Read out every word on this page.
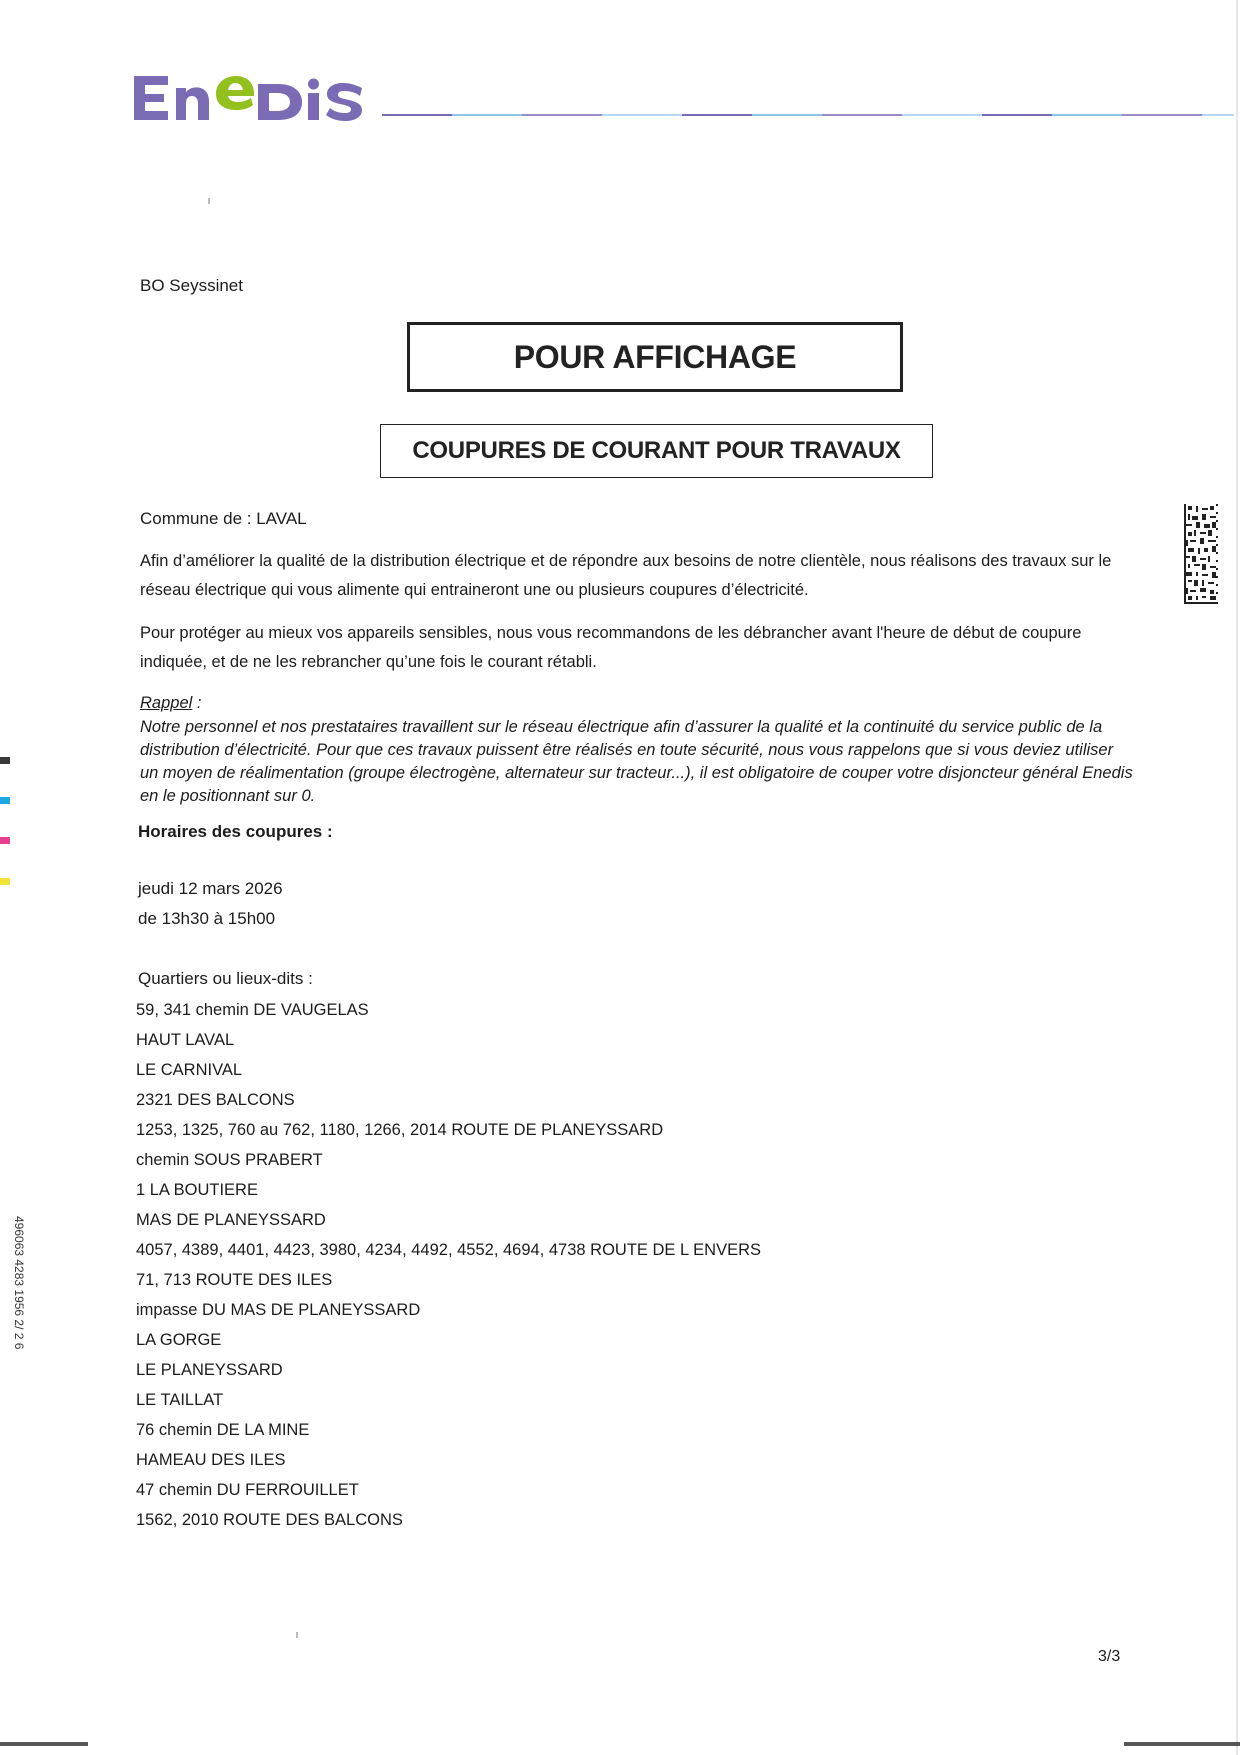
BO Seyssinet
POUR AFFICHAGE
COUPURES DE COURANT POUR TRAVAUX
Commune de : LAVAL
Afin d’améliorer la qualité de la distribution électrique et de répondre aux besoins de notre clientèle, nous réalisons des travaux sur le réseau électrique qui vous alimente qui entraineront une ou plusieurs coupures d’électricité.
Pour protéger au mieux vos appareils sensibles, nous vous recommandons de les débrancher avant l'heure de début de coupure indiquée, et de ne les rebrancher qu’une fois le courant rétabli.
Rappel :
Notre personnel et nos prestataires travaillent sur le réseau électrique afin d’assurer la qualité et la continuité du service public de la distribution d’électricité. Pour que ces travaux puissent être réalisés en toute sécurité, nous vous rappelons que si vous deviez utiliser un moyen de réalimentation (groupe électrogène, alternateur sur tracteur...), il est obligatoire de couper votre disjoncteur général Enedis en le positionnant sur 0.
Horaires des coupures :
jeudi 12 mars 2026
de 13h30 à 15h00
Quartiers ou lieux-dits :
59, 341 chemin DE VAUGELAS
HAUT LAVAL
LE CARNIVAL
2321 DES BALCONS
1253, 1325, 760 au 762, 1180, 1266, 2014 ROUTE DE PLANEYSSARD
chemin SOUS PRABERT
1 LA BOUTIERE
MAS DE PLANEYSSARD
4057, 4389, 4401, 4423, 3980, 4234, 4492, 4552, 4694, 4738 ROUTE DE L ENVERS
71, 713 ROUTE DES ILES
impasse DU MAS DE PLANEYSSARD
LA GORGE
LE PLANEYSSARD
LE TAILLAT
76 chemin DE LA MINE
HAMEAU DES ILES
47 chemin DU FERROUILLET
1562, 2010 ROUTE DES BALCONS
3/3
496063 4283 1956 2/ 2 6
